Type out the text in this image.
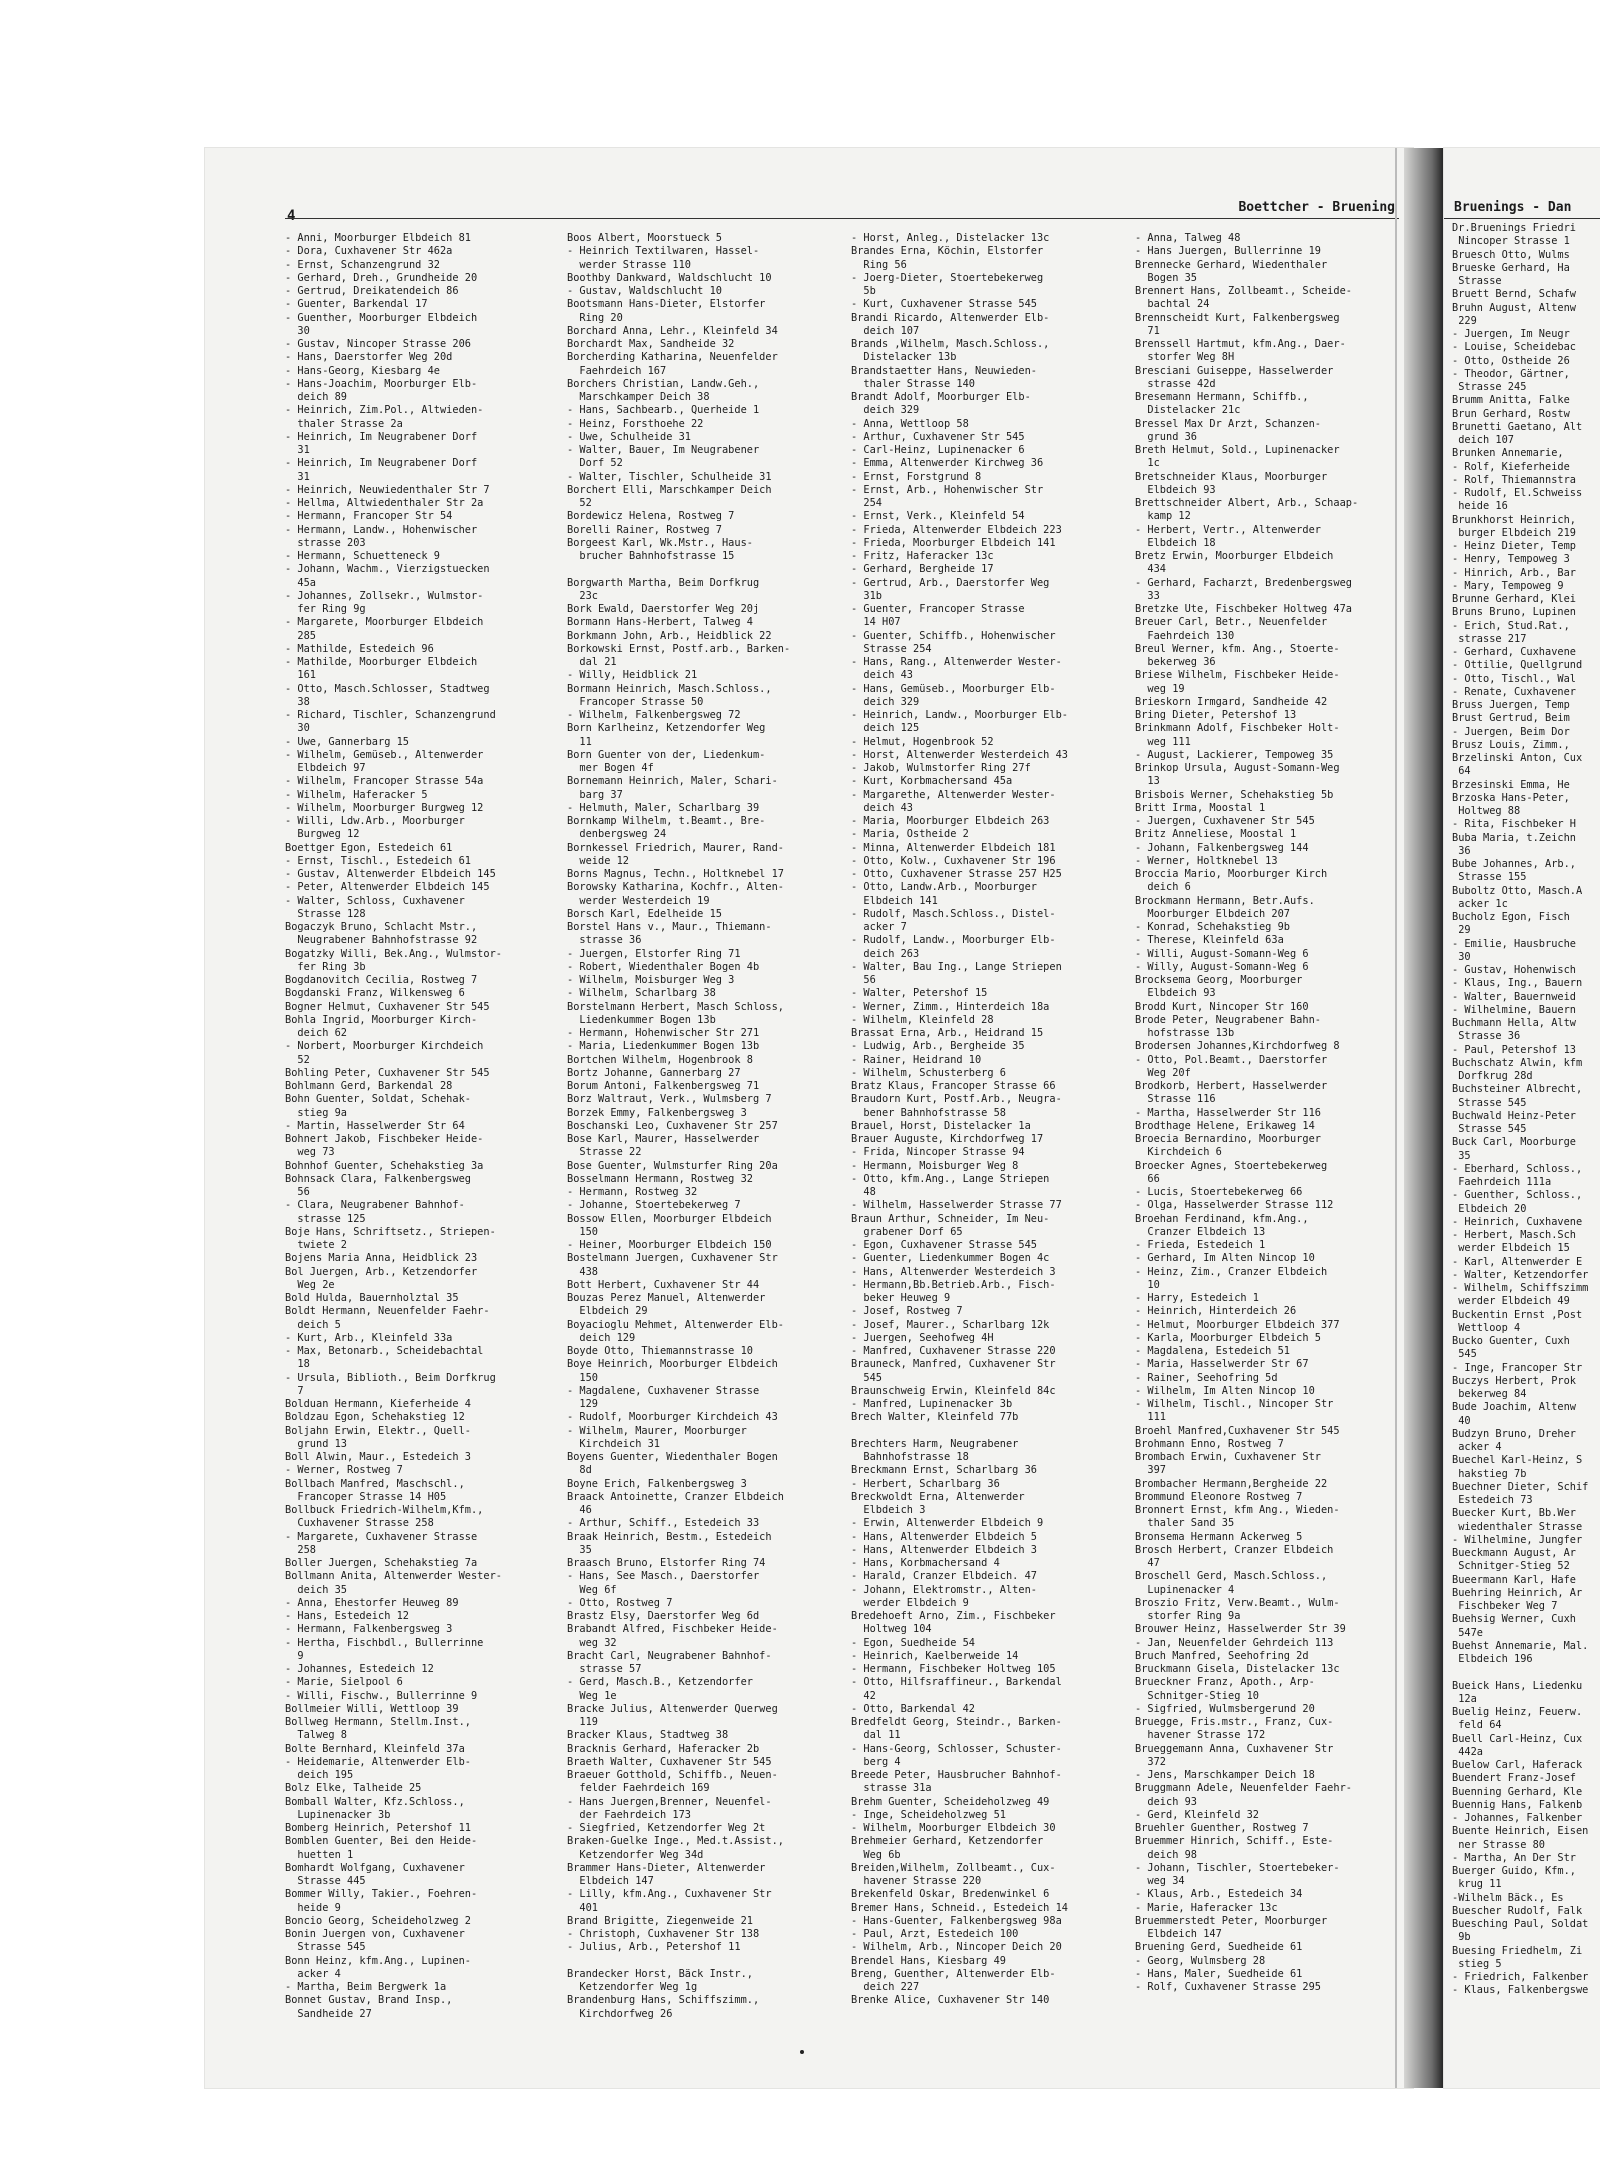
4
Boettcher - Bruening
- Anni, Moorburger Elbdeich 81
- Dora, Cuxhavener Str 462a
- Ernst, Schanzengrund 32
- Gerhard, Dreh., Grundheide 20
- Gertrud, Dreikatendeich 86
- Guenter, Barkendal 17
- Guenther, Moorburger Elbdeich
30
- Gustav, Nincoper Strasse 206
- Hans, Daerstorfer Weg 20d
- Hans-Georg, Kiesbarg 4e
- Hans-Joachim, Moorburger Elb-
deich 89
- Heinrich, Zim.Pol., Altwieden-
thaler Strasse 2a
- Heinrich, Im Neugrabener Dorf
31
- Heinrich, Im Neugrabener Dorf
31
- Heinrich, Neuwiedenthaler Str 7
- Hellma, Altwiedenthaler Str 2a
- Hermann, Francoper Str 54
- Hermann, Landw., Hohenwischer
strasse 203
- Hermann, Schuetteneck 9
- Johann, Wachm., Vierzigstuecken
45a
- Johannes, Zollsekr., Wulmstor-
fer Ring 9g
- Margarete, Moorburger Elbdeich
285
- Mathilde, Estedeich 96
- Mathilde, Moorburger Elbdeich
161
- Otto, Masch.Schlosser, Stadtweg
38
- Richard, Tischler, Schanzengrund
30
- Uwe, Gannerbarg 15
- Wilhelm, Gemüseb., Altenwerder
Elbdeich 97
- Wilhelm, Francoper Strasse 54a
- Wilhelm, Haferacker 5
- Wilhelm, Moorburger Burgweg 12
- Willi, Ldw.Arb., Moorburger
Burgweg 12
Boettger Egon, Estedeich 61
- Ernst, Tischl., Estedeich 61
- Gustav, Altenwerder Elbdeich 145
- Peter, Altenwerder Elbdeich 145
- Walter, Schloss, Cuxhavener
Strasse 128
Bogaczyk Bruno, Schlacht Mstr.,
Neugrabener Bahnhofstrasse 92
Bogatzky Willi, Bek.Ang., Wulmstor-
fer Ring 3b
Bogdanovitch Cecilia, Rostweg 7
Bogdanski Franz, Wilkensweg 6
Bogner Helmut, Cuxhavener Str 545
Bohla Ingrid, Moorburger Kirch-
deich 62
- Norbert, Moorburger Kirchdeich
52
Bohling Peter, Cuxhavener Str 545
Bohlmann Gerd, Barkendal 28
Bohn Guenter, Soldat, Schehak-
stieg 9a
- Martin, Hasselwerder Str 64
Bohnert Jakob, Fischbeker Heide-
weg 73
Bohnhof Guenter, Schehakstieg 3a
Bohnsack Clara, Falkenbergsweg
56
- Clara, Neugrabener Bahnhof-
strasse 125
Boje Hans, Schriftsetz., Striepen-
twiete 2
Bojens Maria Anna, Heidblick 23
Bol Juergen, Arb., Ketzendorfer
Weg 2e
Bold Hulda, Bauernholztal 35
Boldt Hermann, Neuenfelder Faehr-
deich 5
- Kurt, Arb., Kleinfeld 33a
- Max, Betonarb., Scheidebachtal
18
- Ursula, Biblioth., Beim Dorfkrug
7
Bolduan Hermann, Kieferheide 4
Boldzau Egon, Schehakstieg 12
Boljahn Erwin, Elektr., Quell-
grund 13
Boll Alwin, Maur., Estedeich 3
- Werner, Rostweg 7
Bollbach Manfred, Maschschl.,
Francoper Strasse 14 H05
Bollbuck Friedrich-Wilhelm,Kfm.,
Cuxhavener Strasse 258
- Margarete, Cuxhavener Strasse
258
Boller Juergen, Schehakstieg 7a
Bollmann Anita, Altenwerder Wester-
deich 35
- Anna, Ehestorfer Heuweg 89
- Hans, Estedeich 12
- Hermann, Falkenbergsweg 3
- Hertha, Fischbdl., Bullerrinne
9
- Johannes, Estedeich 12
- Marie, Sielpool 6
- Willi, Fischw., Bullerrinne 9
Bollmeier Willi, Wettloop 39
Bollweg Hermann, Stellm.Inst.,
Talweg 8
Bolte Bernhard, Kleinfeld 37a
- Heidemarie, Altenwerder Elb-
deich 195
Bolz Elke, Talheide 25
Bomball Walter, Kfz.Schloss.,
Lupinenacker 3b
Bomberg Heinrich, Petershof 11
Bomblen Guenter, Bei den Heide-
huetten 1
Bomhardt Wolfgang, Cuxhavener
Strasse 445
Bommer Willy, Takier., Foehren-
heide 9
Boncio Georg, Scheideholzweg 2
Bonin Juergen von, Cuxhavener
Strasse 545
Bonn Heinz, kfm.Ang., Lupinen-
acker 4
- Martha, Beim Bergwerk 1a
Bonnet Gustav, Brand Insp.,
Sandheide 27
Boos Albert, Moorstueck 5
- Heinrich Textilwaren, Hassel-
werder Strasse 110
Boothby Dankward, Waldschlucht 10
- Gustav, Waldschlucht 10
Bootsmann Hans-Dieter, Elstorfer
Ring 20
Borchard Anna, Lehr., Kleinfeld 34
Borchardt Max, Sandheide 32
Borcherding Katharina, Neuenfelder
Faehrdeich 167
Borchers Christian, Landw.Geh.,
Marschkamper Deich 38
- Hans, Sachbearb., Querheide 1
- Heinz, Forsthoehe 22
- Uwe, Schulheide 31
- Walter, Bauer, Im Neugrabener
Dorf 52
- Walter, Tischler, Schulheide 31
Borchert Elli, Marschkamper Deich
52
Bordewicz Helena, Rostweg 7
Borelli Rainer, Rostweg 7
Borgeest Karl, Wk.Mstr., Haus-
brucher Bahnhofstrasse 15

Borgwarth Martha, Beim Dorfkrug
23c
Bork Ewald, Daerstorfer Weg 20j
Bormann Hans-Herbert, Talweg 4
Borkmann John, Arb., Heidblick 22
Borkowski Ernst, Postf.arb., Barken-
dal 21
- Willy, Heidblick 21
Bormann Heinrich, Masch.Schloss.,
Francoper Strasse 50
- Wilhelm, Falkenbergsweg 72
Born Karlheinz, Ketzendorfer Weg
11
Born Guenter von der, Liedenkum-
mer Bogen 4f
Bornemann Heinrich, Maler, Schari-
barg 37
- Helmuth, Maler, Scharlbarg 39
Bornkamp Wilhelm, t.Beamt., Bre-
denbergsweg 24
Bornkessel Friedrich, Maurer, Rand-
weide 12
Borns Magnus, Techn., Holtknebel 17
Borowsky Katharina, Kochfr., Alten-
werder Westerdeich 19
Borsch Karl, Edelheide 15
Borstel Hans v., Maur., Thiemann-
strasse 36
- Juergen, Elstorfer Ring 71
- Robert, Wiedenthaler Bogen 4b
- Wilhelm, Moisburger Weg 3
- Wilhelm, Scharlbarg 38
Borstelmann Herbert, Masch Schloss,
Liedenkummer Bogen 13b
- Hermann, Hohenwischer Str 271
- Maria, Liedenkummer Bogen 13b
Bortchen Wilhelm, Hogenbrook 8
Bortz Johanne, Gannerbarg 27
Borum Antoni, Falkenbergsweg 71
Borz Waltraut, Verk., Wulmsberg 7
Borzek Emmy, Falkenbergsweg 3
Boschanski Leo, Cuxhavener Str 257
Bose Karl, Maurer, Hasselwerder
Strasse 22
Bose Guenter, Wulmsturfer Ring 20a
Bosselmann Hermann, Rostweg 32
- Hermann, Rostweg 32
- Johanne, Stoertebekerweg 7
Bossow Ellen, Moorburger Elbdeich
150
- Heiner, Moorburger Elbdeich 150
Bostelmann Juergen, Cuxhavener Str
438
Bott Herbert, Cuxhavener Str 44
Bouzas Perez Manuel, Altenwerder
Elbdeich 29
Boyacioglu Mehmet, Altenwerder Elb-
deich 129
Boyde Otto, Thiemannstrasse 10
Boye Heinrich, Moorburger Elbdeich
150
- Magdalene, Cuxhavener Strasse
129
- Rudolf, Moorburger Kirchdeich 43
- Wilhelm, Maurer, Moorburger
Kirchdeich 31
Boyens Guenter, Wiedenthaler Bogen
8d
Boyne Erich, Falkenbergsweg 3
Braack Antoinette, Cranzer Elbdeich
46
- Arthur, Schiff., Estedeich 33
Braak Heinrich, Bestm., Estedeich
35
Braasch Bruno, Elstorfer Ring 74
- Hans, See Masch., Daerstorfer
Weg 6f
- Otto, Rostweg 7
Brastz Elsy, Daerstorfer Weg 6d
Brabandt Alfred, Fischbeker Heide-
weg 32
Bracht Carl, Neugrabener Bahnhof-
strasse 57
- Gerd, Masch.B., Ketzendorfer
Weg 1e
Bracke Julius, Altenwerder Querweg
119
Bracker Klaus, Stadtweg 38
Bracknis Gerhard, Haferacker 2b
Braeth Walter, Cuxhavener Str 545
Braeuer Gotthold, Schiffb., Neuen-
felder Faehrdeich 169
- Hans Juergen,Brenner, Neuenfel-
der Faehrdeich 173
- Siegfried, Ketzendorfer Weg 2t
Braken-Guelke Inge., Med.t.Assist.,
Ketzendorfer Weg 34d
Brammer Hans-Dieter, Altenwerder
Elbdeich 147
- Lilly, kfm.Ang., Cuxhavener Str
401
Brand Brigitte, Ziegenweide 21
- Christoph, Cuxhavener Str 138
- Julius, Arb., Petershof 11

Brandecker Horst, Bäck Instr.,
Ketzendorfer Weg 1g
Brandenburg Hans, Schiffszimm.,
Kirchdorfweg 26
- Horst, Anleg., Distelacker 13c
Brandes Erna, Köchin, Elstorfer
Ring 56
- Joerg-Dieter, Stoertebekerweg
5b
- Kurt, Cuxhavener Strasse 545
Brandi Ricardo, Altenwerder Elb-
deich 107
Brands ,Wilhelm, Masch.Schloss.,
Distelacker 13b
Brandstaetter Hans, Neuwieden-
thaler Strasse 140
Brandt Adolf, Moorburger Elb-
deich 329
- Anna, Wettloop 58
- Arthur, Cuxhavener Str 545
- Carl-Heinz, Lupinenacker 6
- Emma, Altenwerder Kirchweg 36
- Ernst, Forstgrund 8
- Ernst, Arb., Hohenwischer Str
254
- Ernst, Verk., Kleinfeld 54
- Frieda, Altenwerder Elbdeich 223
- Frieda, Moorburger Elbdeich 141
- Fritz, Haferacker 13c
- Gerhard, Bergheide 17
- Gertrud, Arb., Daerstorfer Weg
31b
- Guenter, Francoper Strasse
14 H07
- Guenter, Schiffb., Hohenwischer
Strasse 254
- Hans, Rang., Altenwerder Wester-
deich 43
- Hans, Gemüseb., Moorburger Elb-
deich 329
- Heinrich, Landw., Moorburger Elb-
deich 125
- Helmut, Hogenbrook 52
- Horst, Altenwerder Westerdeich 43
- Jakob, Wulmstorfer Ring 27f
- Kurt, Korbmachersand 45a
- Margarethe, Altenwerder Wester-
deich 43
- Maria, Moorburger Elbdeich 263
- Maria, Ostheide 2
- Minna, Altenwerder Elbdeich 181
- Otto, Kolw., Cuxhavener Str 196
- Otto, Cuxhavener Strasse 257 H25
- Otto, Landw.Arb., Moorburger
Elbdeich 141
- Rudolf, Masch.Schloss., Distel-
acker 7
- Rudolf, Landw., Moorburger Elb-
deich 263
- Walter, Bau Ing., Lange Striepen
56
- Walter, Petershof 15
- Werner, Zimm., Hinterdeich 18a
- Wilhelm, Kleinfeld 28
Brassat Erna, Arb., Heidrand 15
- Ludwig, Arb., Bergheide 35
- Rainer, Heidrand 10
- Wilhelm, Schusterberg 6
Bratz Klaus, Francoper Strasse 66
Braudorn Kurt, Postf.Arb., Neugra-
bener Bahnhofstrasse 58
Brauel, Horst, Distelacker 1a
Brauer Auguste, Kirchdorfweg 17
- Frida, Nincoper Strasse 94
- Hermann, Moisburger Weg 8
- Otto, kfm.Ang., Lange Striepen
48
- Wilhelm, Hasselwerder Strasse 77
Braun Arthur, Schneider, Im Neu-
grabener Dorf 65
- Egon, Cuxhavener Strasse 545
- Guenter, Liedenkummer Bogen 4c
- Hans, Altenwerder Westerdeich 3
- Hermann,Bb.Betrieb.Arb., Fisch-
beker Heuweg 9
- Josef, Rostweg 7
- Josef, Maurer., Scharlbarg 12k
- Juergen, Seehofweg 4H
- Manfred, Cuxhavener Strasse 220
Brauneck, Manfred, Cuxhavener Str
545
Braunschweig Erwin, Kleinfeld 84c
- Manfred, Lupinenacker 3b
Brech Walter, Kleinfeld 77b

Brechters Harm, Neugrabener
Bahnhofstrasse 18
Breckmann Ernst, Scharlbarg 36
- Herbert, Scharlbarg 36
Breckwoldt Erna, Altenwerder
Elbdeich 3
- Erwin, Altenwerder Elbdeich 9
- Hans, Altenwerder Elbdeich 5
- Hans, Altenwerder Elbdeich 3
- Hans, Korbmachersand 4
- Harald, Cranzer Elbdeich. 47
- Johann, Elektromstr., Alten-
werder Elbdeich 9
Bredehoeft Arno, Zim., Fischbeker
Holtweg 104
- Egon, Suedheide 54
- Heinrich, Kaelberweide 14
- Hermann, Fischbeker Holtweg 105
- Otto, Hilfsraffineur., Barkendal
42
- Otto, Barkendal 42
Bredfeldt Georg, Steindr., Barken-
dal 11
- Hans-Georg, Schlosser, Schuster-
berg 4
Breede Peter, Hausbrucher Bahnhof-
strasse 31a
Brehm Guenter, Scheideholzweg 49
- Inge, Scheideholzweg 51
- Wilhelm, Moorburger Elbdeich 30
Brehmeier Gerhard, Ketzendorfer
Weg 6b
Breiden,Wilhelm, Zollbeamt., Cux-
havener Strasse 220
Brekenfeld Oskar, Bredenwinkel 6
Bremer Hans, Schneid., Estedeich 14
- Hans-Guenter, Falkenbergsweg 98a
- Paul, Arzt, Estedeich 100
- Wilhelm, Arb., Nincoper Deich 20
Brendel Hans, Kiesbarg 49
Breng, Guenther, Altenwerder Elb-
deich 227
Brenke Alice, Cuxhavener Str 140
- Anna, Talweg 48
- Hans Juergen, Bullerrinne 19
Brennecke Gerhard, Wiedenthaler
Bogen 35
Brennert Hans, Zollbeamt., Scheide-
bachtal 24
Brennscheidt Kurt, Falkenbergsweg
71
Brenssell Hartmut, kfm.Ang., Daer-
storfer Weg 8H
Bresciani Guiseppe, Hasselwerder
strasse 42d
Bresemann Hermann, Schiffb.,
Distelacker 21c
Bressel Max Dr Arzt, Schanzen-
grund 36
Breth Helmut, Sold., Lupinenacker
1c
Bretschneider Klaus, Moorburger
Elbdeich 93
Brettschneider Albert, Arb., Schaap-
kamp 12
- Herbert, Vertr., Altenwerder
Elbdeich 18
Bretz Erwin, Moorburger Elbdeich
434
- Gerhard, Facharzt, Bredenbergsweg
33
Bretzke Ute, Fischbeker Holtweg 47a
Breuer Carl, Betr., Neuenfelder
Faehrdeich 130
Breul Werner, kfm. Ang., Stoerte-
bekerweg 36
Briese Wilhelm, Fischbeker Heide-
weg 19
Brieskorn Irmgard, Sandheide 42
Bring Dieter, Petershof 13
Brinkmann Adolf, Fischbeker Holt-
weg 111
- August, Lackierer, Tempoweg 35
Brinkop Ursula, August-Somann-Weg
13
Brisbois Werner, Schehakstieg 5b
Britt Irma, Moostal 1
- Juergen, Cuxhavener Str 545
Britz Anneliese, Moostal 1
- Johann, Falkenbergsweg 144
- Werner, Holtknebel 13
Broccia Mario, Moorburger Kirch
deich 6
Brockmann Hermann, Betr.Aufs.
Moorburger Elbdeich 207
- Konrad, Schehakstieg 9b
- Therese, Kleinfeld 63a
- Willi, August-Somann-Weg 6
- Willy, August-Somann-Weg 6
Brocksema Georg, Moorburger
Elbdeich 93
Brodd Kurt, Nincoper Str 160
Brode Peter, Neugrabener Bahn-
hofstrasse 13b
Brodersen Johannes,Kirchdorfweg 8
- Otto, Pol.Beamt., Daerstorfer
Weg 20f
Brodkorb, Herbert, Hasselwerder
Strasse 116
- Martha, Hasselwerder Str 116
Brodthage Helene, Erikaweg 14
Broecia Bernardino, Moorburger
Kirchdeich 6
Broecker Agnes, Stoertebekerweg
66
- Lucis, Stoertebekerweg 66
- Olga, Hasselwerder Strasse 112
Broehan Ferdinand, kfm.Ang.,
Cranzer Elbdeich 13
- Frieda, Estedeich 1
- Gerhard, Im Alten Nincop 10
- Heinz, Zim., Cranzer Elbdeich
10
- Harry, Estedeich 1
- Heinrich, Hinterdeich 26
- Helmut, Moorburger Elbdeich 377
- Karla, Moorburger Elbdeich 5
- Magdalena, Estedeich 51
- Maria, Hasselwerder Str 67
- Rainer, Seehofring 5d
- Wilhelm, Im Alten Nincop 10
- Wilhelm, Tischl., Nincoper Str
111
Broehl Manfred,Cuxhavener Str 545
Brohmann Enno, Rostweg 7
Brombach Erwin, Cuxhavener Str
397
Brombacher Hermann,Bergheide 22
Brommund Eleonore Rostweg 7
Bronnert Ernst, kfm Ang., Wieden-
thaler Sand 35
Bronsema Hermann Ackerweg 5
Brosch Herbert, Cranzer Elbdeich
47
Broschell Gerd, Masch.Schloss.,
Lupinenacker 4
Broszio Fritz, Verw.Beamt., Wulm-
storfer Ring 9a
Brouwer Heinz, Hasselwerder Str 39
- Jan, Neuenfelder Gehrdeich 113
Bruch Manfred, Seehofring 2d
Bruckmann Gisela, Distelacker 13c
Brueckner Franz, Apoth., Arp-
Schnitger-Stieg 10
- Sigfried, Wulmsbergerund 20
Bruegge, Fris.mstr., Franz, Cux-
havener Strasse 172
Brueggemann Anna, Cuxhavener Str
372
- Jens, Marschkamper Deich 18
Bruggmann Adele, Neuenfelder Faehr-
deich 93
- Gerd, Kleinfeld 32
Bruehler Guenther, Rostweg 7
Bruemmer Hinrich, Schiff., Este-
deich 98
- Johann, Tischler, Stoertebeker-
weg 34
- Klaus, Arb., Estedeich 34
- Marie, Haferacker 13c
Bruemmerstedt Peter, Moorburger
Elbdeich 147
Bruening Gerd, Suedheide 61
- Georg, Wulmsberg 28
- Hans, Maler, Suedheide 61
- Rolf, Cuxhavener Strasse 295
Bruenings - Dan
Dr.Bruenings Friedri
Nincoper Strasse 1
Bruesch Otto, Wulms
Brueske Gerhard, Ha
Strasse
Bruett Bernd, Schafw
Bruhn August, Altenw
229
- Juergen, Im Neugr
- Louise, Scheidebac
- Otto, Ostheide 26
- Theodor, Gärtner,
Strasse 245
Brumm Anitta, Falke
Brun Gerhard, Rostw
Brunetti Gaetano, Alt
deich 107
Brunken Annemarie,
- Rolf, Kieferheide
- Rolf, Thiemannstra
- Rudolf, El.Schweiss
heide 16
Brunkhorst Heinrich,
burger Elbdeich 219
- Heinz Dieter, Temp
- Henry, Tempoweg 3
- Hinrich, Arb., Bar
- Mary, Tempoweg 9
Brunne Gerhard, Klei
Bruns Bruno, Lupinen
- Erich, Stud.Rat.,
strasse 217
- Gerhard, Cuxhavene
- Ottilie, Quellgrund
- Otto, Tischl., Wal
- Renate, Cuxhavener
Bruss Juergen, Temp
Brust Gertrud, Beim
- Juergen, Beim Dor
Brusz Louis, Zimm.,
Brzelinski Anton, Cux
64
Brzesinski Emma, He
Brzoska Hans-Peter,
Holtweg 88
- Rita, Fischbeker H
Buba Maria, t.Zeichn
36
Bube Johannes, Arb.,
Strasse 155
Buboltz Otto, Masch.A
acker 1c
Bucholz Egon, Fisch
29
- Emilie, Hausbruche
30
- Gustav, Hohenwisch
- Klaus, Ing., Bauern
- Walter, Bauernweid
- Wilhelmine, Bauern
Buchmann Hella, Altw
Strasse 36
- Paul, Petershof 13
Buchschatz Alwin, kfm
Dorfkrug 28d
Buchsteiner Albrecht,
Strasse 545
Buchwald Heinz-Peter
Strasse 545
Buck Carl, Moorburge
35
- Eberhard, Schloss.,
Faehrdeich 111a
- Guenther, Schloss.,
Elbdeich 20
- Heinrich, Cuxhavene
- Herbert, Masch.Sch
werder Elbdeich 15
- Karl, Altenwerder E
- Walter, Ketzendorfer
- Wilhelm, Schiffszimm
werder Elbdeich 49
Buckentin Ernst ,Post
Wettloop 4
Bucko Guenter, Cuxh
545
- Inge, Francoper Str
Buczys Herbert, Prok
bekerweg 84
Bude Joachim, Altenw
40
Budzyn Bruno, Dreher
acker 4
Buechel Karl-Heinz, S
hakstieg 7b
Buechner Dieter, Schif
Estedeich 73
Buecker Kurt, Bb.Wer
wiedenthaler Strasse
- Wilhelmine, Jungfer
Bueckmann August, Ar
Schnitger-Stieg 52
Bueermann Karl, Hafe
Buehring Heinrich, Ar
Fischbeker Weg 7
Buehsig Werner, Cuxh
547e
Buehst Annemarie, Mal.
Elbdeich 196

Bueick Hans, Liedenku
12a
Buelig Heinz, Feuerw.
feld 64
Buell Carl-Heinz, Cux
442a
Buelow Carl, Haferack
Buendert Franz-Josef
Buenning Gerhard, Kle
Buennig Hans, Falkenb
- Johannes, Falkenber
Buente Heinrich, Eisen
ner Strasse 80
- Martha, An Der Str
Buerger Guido, Kfm.,
krug 11
-Wilhelm Bäck., Es
Buescher Rudolf, Falk
Buesching Paul, Soldat
9b
Buesing Friedhelm, Zi
stieg 5
- Friedrich, Falkenber
- Klaus, Falkenbergswe
